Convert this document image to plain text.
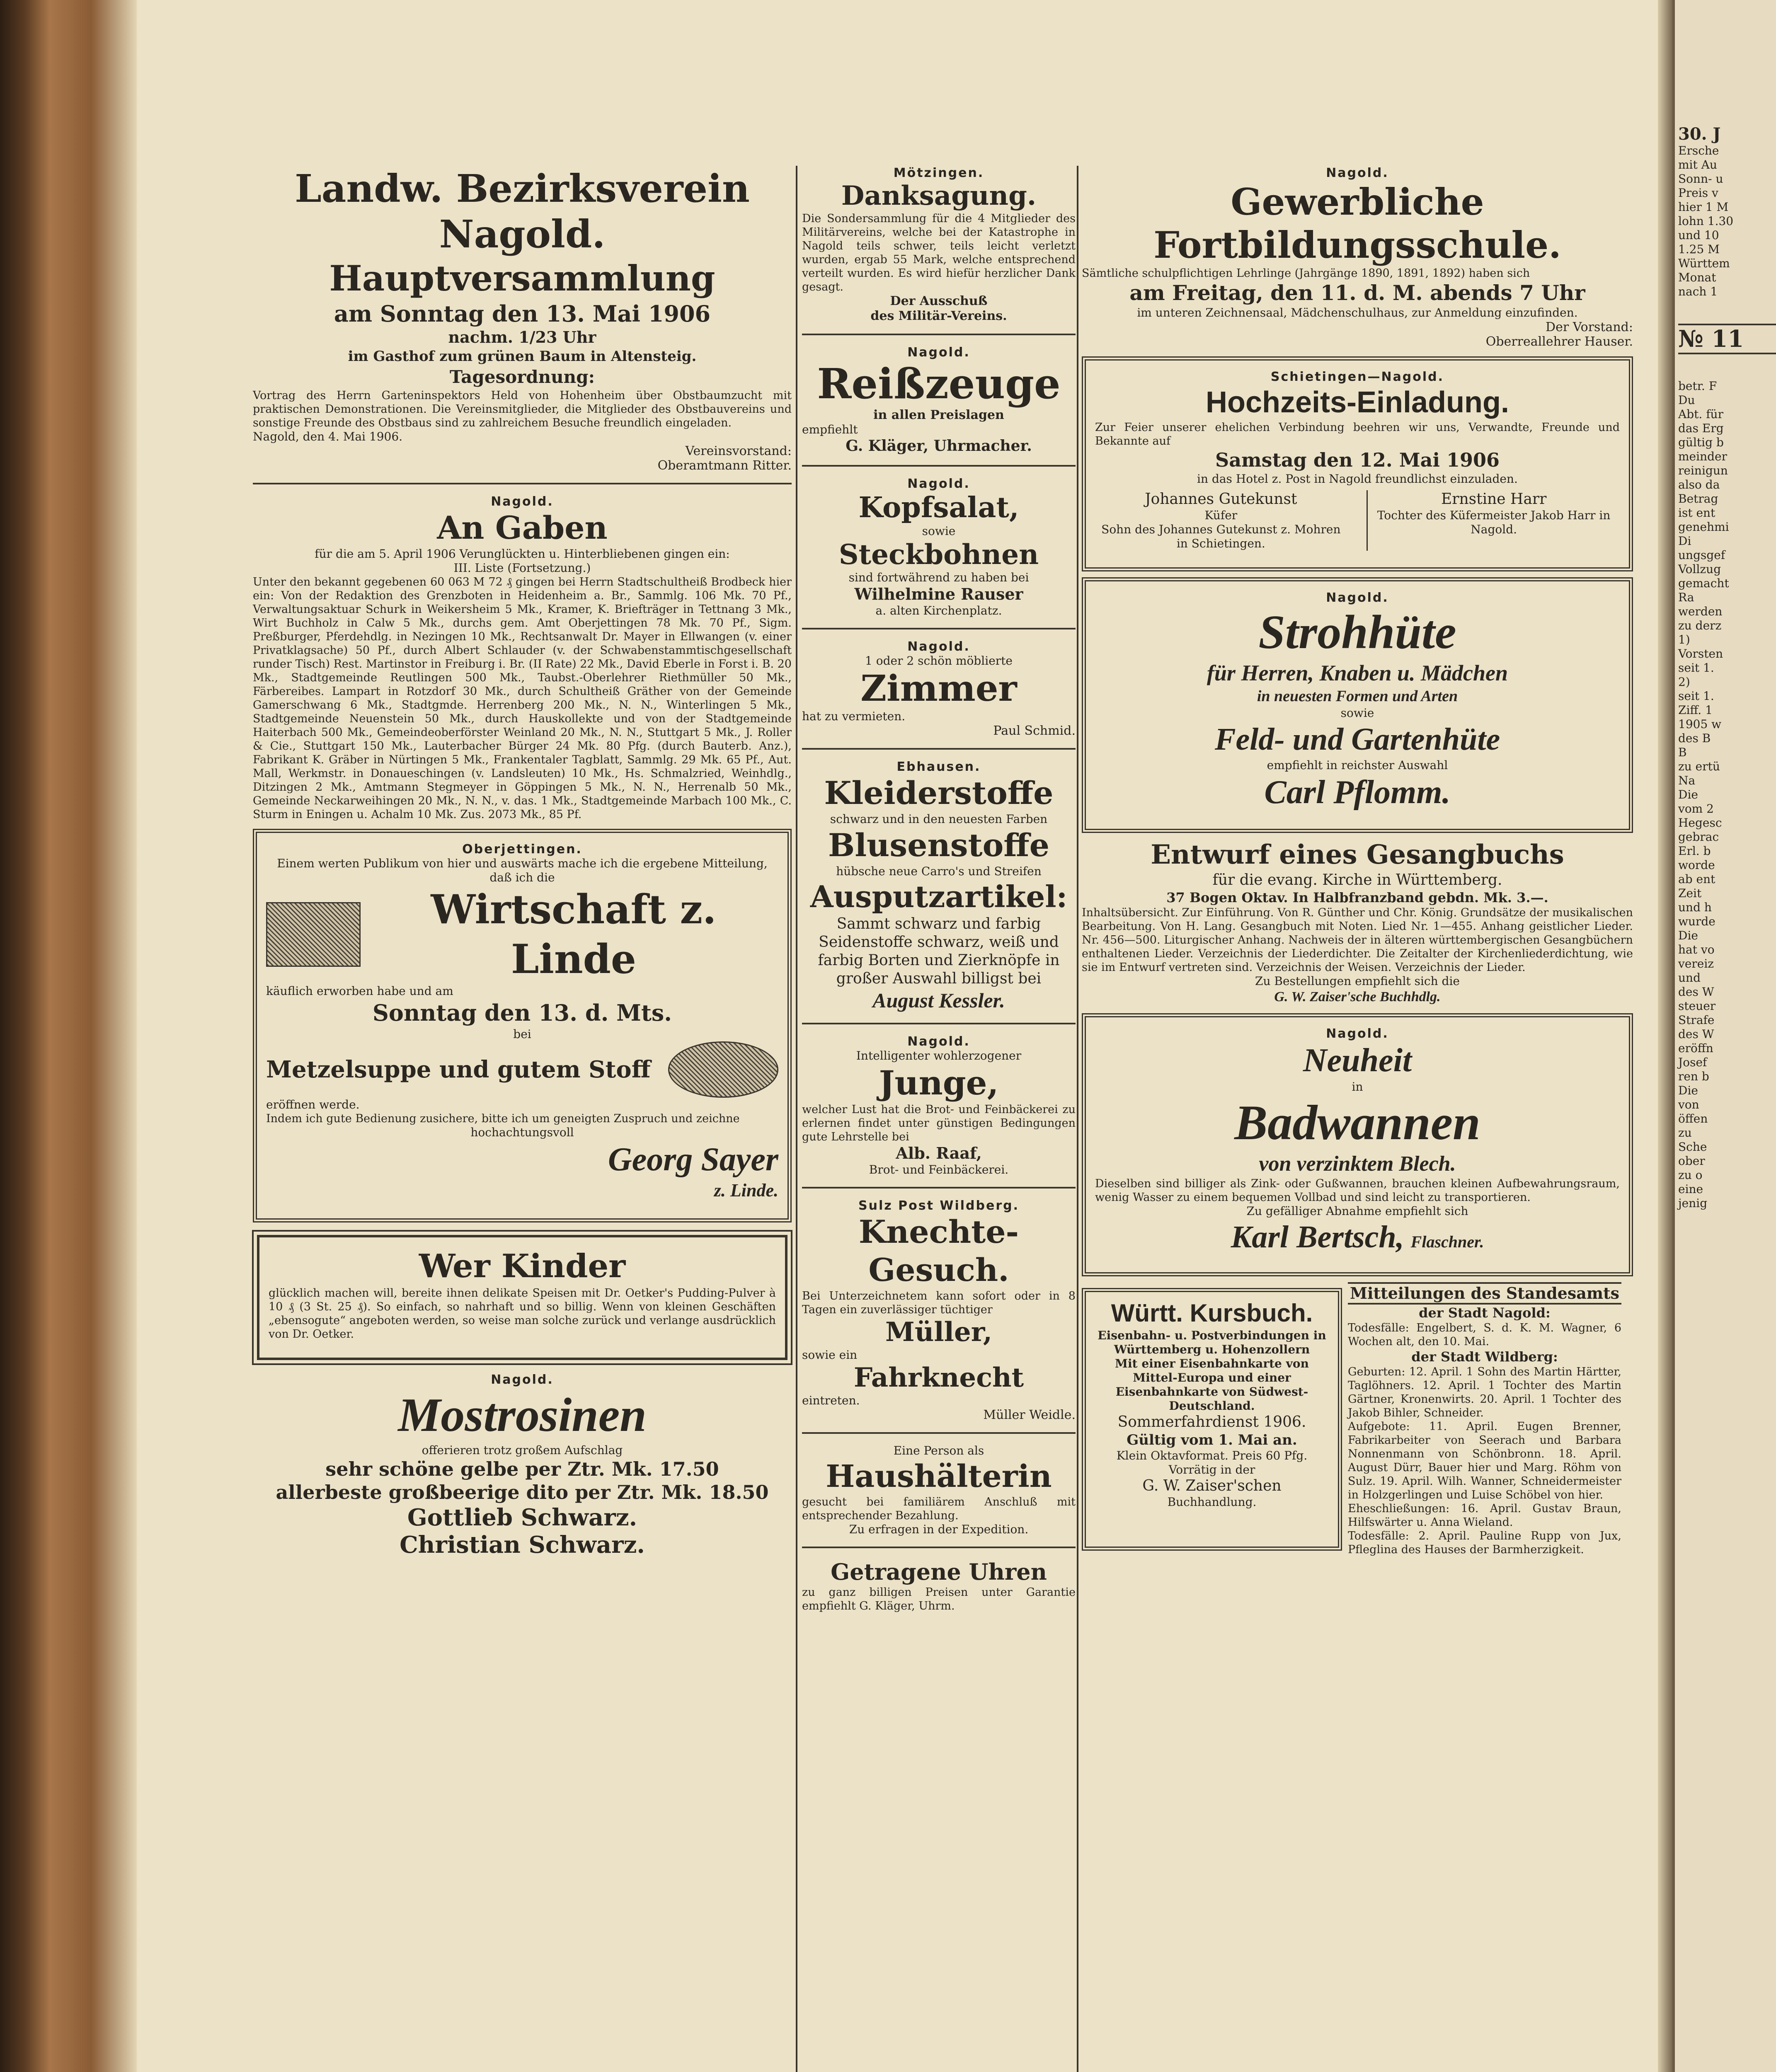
Landw. Bezirksverein Nagold.
Hauptversammlung
am Sonntag den 13. Mai 1906
nachm. 1/23 Uhr
im Gasthof zum grünen Baum in Altensteig.
Tagesordnung:
Vortrag des Herrn Garteninspektors Held von Hohenheim über Obstbaumzucht mit praktischen Demonstrationen. Die Vereinsmitglieder, die Mitglieder des Obstbauvereins und sonstige Freunde des Obstbaus sind zu zahlreichem Besuche freundlich eingeladen.
Nagold, den 4. Mai 1906.
Vereinsvorstand:
Oberamtmann Ritter.
Nagold.
An Gaben
für die am 5. April 1906 Verunglückten u. Hinterbliebenen gingen ein:
III. Liste (Fortsetzung.)
Unter den bekannt gegebenen 60 063 M 72 ₰ gingen bei Herrn Stadtschultheiß Brodbeck hier ein: Von der Redaktion des Grenzboten in Heidenheim a. Br., Sammlg. 106 Mk. 70 Pf., Verwaltungsaktuar Schurk in Weikersheim 5 Mk., Kramer, K. Briefträger in Tettnang 3 Mk., Wirt Buchholz in Calw 5 Mk., durchs gem. Amt Oberjettingen 78 Mk. 70 Pf., Sigm. Preßburger, Pferdehdlg. in Nezingen 10 Mk., Rechtsanwalt Dr. Mayer in Ellwangen (v. einer Privatklagsache) 50 Pf., durch Albert Schlauder (v. der Schwabenstammtischgesellschaft runder Tisch) Rest. Martinstor in Freiburg i. Br. (II Rate) 22 Mk., David Eberle in Forst i. B. 20 Mk., Stadtgemeinde Reutlingen 500 Mk., Taubst.-Oberlehrer Riethmüller 50 Mk., Färbereibes. Lampart in Rotzdorf 30 Mk., durch Schultheiß Gräther von der Gemeinde Gamerschwang 6 Mk., Stadtgmde. Herrenberg 200 Mk., N. N., Winterlingen 5 Mk., Stadtgemeinde Neuenstein 50 Mk., durch Hauskollekte und von der Stadtgemeinde Haiterbach 500 Mk., Gemeindeoberförster Weinland 20 Mk., N. N., Stuttgart 5 Mk., J. Roller & Cie., Stuttgart 150 Mk., Lauterbacher Bürger 24 Mk. 80 Pfg. (durch Bauterb. Anz.), Fabrikant K. Gräber in Nürtingen 5 Mk., Frankentaler Tagblatt, Sammlg. 29 Mk. 65 Pf., Aut. Mall, Werkmstr. in Donaueschingen (v. Landsleuten) 10 Mk., Hs. Schmalzried, Weinhdlg., Ditzingen 2 Mk., Amtmann Stegmeyer in Göppingen 5 Mk., N. N., Herrenalb 50 Mk., Gemeinde Neckarweihingen 20 Mk., N. N., v. das. 1 Mk., Stadtgemeinde Marbach 100 Mk., C. Sturm in Eningen u. Achalm 10 Mk. Zus. 2073 Mk., 85 Pf.
Oberjettingen.
Einem werten Publikum von hier und auswärts mache ich die ergebene Mitteilung, daß ich die
Wirtschaft z. Linde
käuflich erworben habe und am
Sonntag den 13. d. Mts.
bei
Metzelsuppe und gutem Stoff
eröffnen werde.
Indem ich gute Bedienung zusichere, bitte ich um geneigten Zuspruch und zeichne
hochachtungsvoll
Georg Sayer
z. Linde.
Wer Kinder
glücklich machen will, bereite ihnen delikate Speisen mit Dr. Oetker's Pudding-Pulver à 10 ₰ (3 St. 25 ₰). So einfach, so nahrhaft und so billig. Wenn von kleinen Geschäften „ebensogute“ angeboten werden, so weise man solche zurück und verlange ausdrücklich von Dr. Oetker.
Nagold.
Mostrosinen
offerieren trotz großem Aufschlag
sehr schöne gelbe per Ztr. Mk. 17.50
allerbeste großbeerige dito per Ztr. Mk. 18.50
Gottlieb Schwarz.
Christian Schwarz.
Mötzingen.
Danksagung.
Die Sondersammlung für die 4 Mitglieder des Militärvereins, welche bei der Katastrophe in Nagold teils schwer, teils leicht verletzt wurden, ergab 55 Mark, welche entsprechend verteilt wurden. Es wird hiefür herzlicher Dank gesagt.
Der Ausschuß
des Militär-Vereins.
Nagold.
Reißzeuge
in allen Preislagen
empfiehlt
G. Kläger, Uhrmacher.
Nagold.
Kopfsalat,
sowie
Steckbohnen
sind fortwährend zu haben bei
Wilhelmine Rauser
a. alten Kirchenplatz.
Nagold.
1 oder 2 schön möblierte
Zimmer
hat zu vermieten.
Paul Schmid.
Ebhausen.
Kleiderstoffe
schwarz und in den neuesten Farben
Blusenstoffe
hübsche neue Carro's und Streifen
Ausputzartikel:
Sammt schwarz und farbig Seidenstoffe schwarz, weiß und farbig Borten und Zierknöpfe in großer Auswahl billigst bei
August Kessler.
Nagold.
Intelligenter wohlerzogener
Junge,
welcher Lust hat die Brot- und Feinbäckerei zu erlernen findet unter günstigen Bedingungen gute Lehrstelle bei
Alb. Raaf,
Brot- und Feinbäckerei.
Sulz Post Wildberg.
Knechte-Gesuch.
Bei Unterzeichnetem kann sofort oder in 8 Tagen ein zuverlässiger tüchtiger
Müller,
sowie ein
Fahrknecht
eintreten.
Müller Weidle.
Eine Person als
Haushälterin
gesucht bei familiärem Anschluß mit entsprechender Bezahlung.
Zu erfragen in der Expedition.
Getragene Uhren
zu ganz billigen Preisen unter Garantie empfiehlt G. Kläger, Uhrm.
Nagold.
Gewerbliche Fortbildungsschule.
Sämtliche schulpflichtigen Lehrlinge (Jahrgänge 1890, 1891, 1892) haben sich
am Freitag, den 11. d. M. abends 7 Uhr
im unteren Zeichnensaal, Mädchenschulhaus, zur Anmeldung einzufinden.
Der Vorstand:
Oberreallehrer Hauser.
Schietingen—Nagold.
Hochzeits-Einladung.
Zur Feier unserer ehelichen Verbindung beehren wir uns, Verwandte, Freunde und Bekannte auf
Samstag den 12. Mai 1906
in das Hotel z. Post in Nagold freundlichst einzuladen.
Johannes Gutekunst
Küfer
Sohn des Johannes Gutekunst z. Mohren in Schietingen.
Ernstine Harr
Tochter des Küfermeister Jakob Harr in Nagold.
Nagold.
Strohhüte
für Herren, Knaben u. Mädchen
in neuesten Formen und Arten
sowie
Feld- und Gartenhüte
empfiehlt in reichster Auswahl
Carl Pflomm.
Entwurf eines Gesangbuchs
für die evang. Kirche in Württemberg.
37 Bogen Oktav. In Halbfranzband gebdn. Mk. 3.—.
Inhaltsübersicht. Zur Einführung. Von R. Günther und Chr. König. Grundsätze der musikalischen Bearbeitung. Von H. Lang. Gesangbuch mit Noten. Lied Nr. 1—455. Anhang geistlicher Lieder. Nr. 456—500. Liturgischer Anhang. Nachweis der in älteren württembergischen Gesangbüchern enthaltenen Lieder. Verzeichnis der Liederdichter. Die Zeitalter der Kirchenliederdichtung, wie sie im Entwurf vertreten sind. Verzeichnis der Weisen. Verzeichnis der Lieder.
Zu Bestellungen empfiehlt sich die
G. W. Zaiser'sche Buchhdlg.
Nagold.
Neuheit
in
Badwannen
von verzinktem Blech.
Dieselben sind billiger als Zink- oder Gußwannen, brauchen kleinen Aufbewahrungsraum, wenig Wasser zu einem bequemen Vollbad und sind leicht zu transportieren.
Zu gefälliger Abnahme empfiehlt sich
Karl Bertsch, Flaschner.
Württ. Kursbuch.
Eisenbahn- u. Postverbindungen in Württemberg u. Hohenzollern
Mit einer Eisenbahnkarte von Mittel-Europa und einer Eisenbahnkarte von Südwest-Deutschland.
Sommerfahrdienst 1906.
Gültig vom 1. Mai an.
Klein Oktavformat. Preis 60 Pfg.
Vorrätig in der
G. W. Zaiser'schen
Buchhandlung.
Mitteilungen des Standesamts
der Stadt Nagold:
Todesfälle: Engelbert, S. d. K. M. Wagner, 6 Wochen alt, den 10. Mai.
der Stadt Wildberg:
Geburten: 12. April. 1 Sohn des Martin Härtter, Taglöhners. 12. April. 1 Tochter des Martin Gärtner, Kronenwirts. 20. April. 1 Tochter des Jakob Bihler, Schneider.
Aufgebote: 11. April. Eugen Brenner, Fabrikarbeiter von Seerach und Barbara Nonnenmann von Schönbronn. 18. April. August Dürr, Bauer hier und Marg. Röhm von Sulz. 19. April. Wilh. Wanner, Schneidermeister in Holzgerlingen und Luise Schöbel von hier.
Eheschließungen: 16. April. Gustav Braun, Hilfswärter u. Anna Wieland.
Todesfälle: 2. April. Pauline Rupp von Jux, Pfleglina des Hauses der Barmherzigkeit.
30. J
Ersche
mit Au
Sonn- u
Preis v
hier 1 M
lohn 1.30
und 10
1.25 M
Württem
Monat
nach 1
№ 11
betr. F
Du
Abt. für
das Erg
gültig b
meinder
reinigun
also da
Betrag
ist ent
genehmi
Di
ungsgef
Vollzug
gemacht
Ra
werden
zu derz
1)
Vorsten
seit 1.
2)
seit 1.
Ziff. 1
1905 w
des B
B
zu ertü
Na
Die
vom 2
Hegesc
gebrac
Erl. b
worde
ab ent
Zeit
und h
wurde
Die
hat vo
vereiz
und
des W
steuer
Strafe
des W
eröffn
Josef
ren b
Die
von
öffen
zu
Sche
ober
zu o
eine
jenig
